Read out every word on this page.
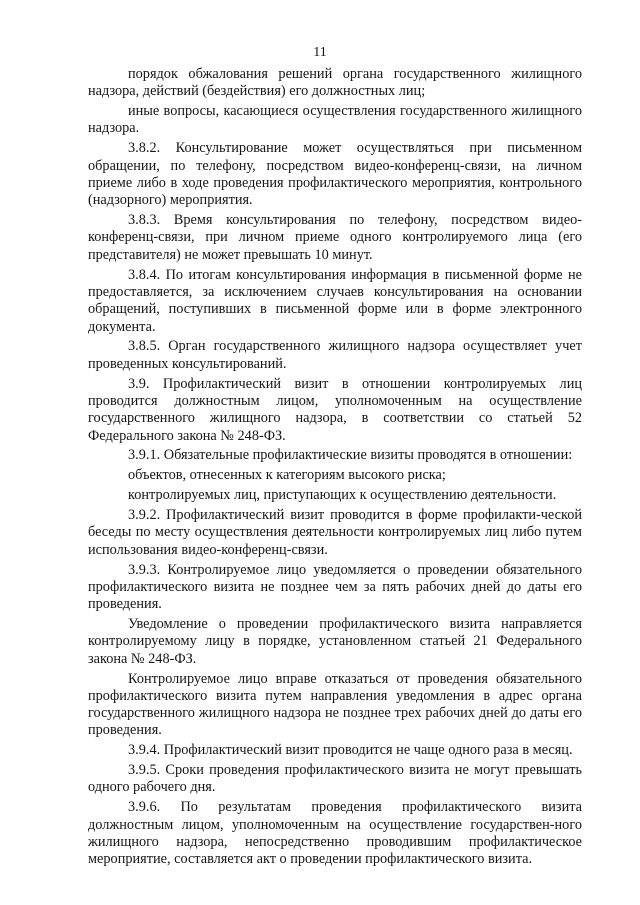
11

порядок обжалования решений органа государственного жилищного надзора, действий (бездействия) его должностных лиц;

иные вопросы, касающиеся осуществления государственного жилищного надзора.

3.8.2. Консультирование может осуществляться при письменном обращении, по телефону, посредством видео-конференц-связи, на личном приеме либо в ходе проведения профилактического мероприятия, контрольного (надзорного) мероприятия.

3.8.3. Время консультирования по телефону, посредством видео-конференц-связи, при личном приеме одного контролируемого лица (его представителя) не может превышать 10 минут.

3.8.4. По итогам консультирования информация в письменной форме не предоставляется, за исключением случаев консультирования на основании обращений, поступивших в письменной форме или в форме электронного документа.

3.8.5. Орган государственного жилищного надзора осуществляет учет проведенных консультирований.

3.9. Профилактический визит в отношении контролируемых лиц проводится должностным лицом, уполномоченным на осуществление государственного жилищного надзора, в соответствии со статьей 52 Федерального закона № 248-ФЗ.

3.9.1. Обязательные профилактические визиты проводятся в отношении:

объектов, отнесенных к категориям высокого риска;

контролируемых лиц, приступающих к осуществлению деятельности.

3.9.2. Профилактический визит проводится в форме профилакти-ческой беседы по месту осуществления деятельности контролируемых лиц либо путем использования видео-конференц-связи.

3.9.3. Контролируемое лицо уведомляется о проведении обязательного профилактического визита не позднее чем за пять рабочих дней до даты его проведения.

Уведомление о проведении профилактического визита направляется контролируемому лицу в порядке, установленном статьей 21 Федерального закона № 248-ФЗ.

Контролируемое лицо вправе отказаться от проведения обязательного профилактического визита путем направления уведомления в адрес органа государственного жилищного надзора не позднее трех рабочих дней до даты его проведения.

3.9.4. Профилактический визит проводится не чаще одного раза в месяц.

3.9.5. Сроки проведения профилактического визита не могут превышать одного рабочего дня.

3.9.6. По результатам проведения профилактического визита должностным лицом, уполномоченным на осуществление государствен-ного жилищного надзора, непосредственно проводившим профилактическое мероприятие, составляется акт о проведении профилактического визита.
